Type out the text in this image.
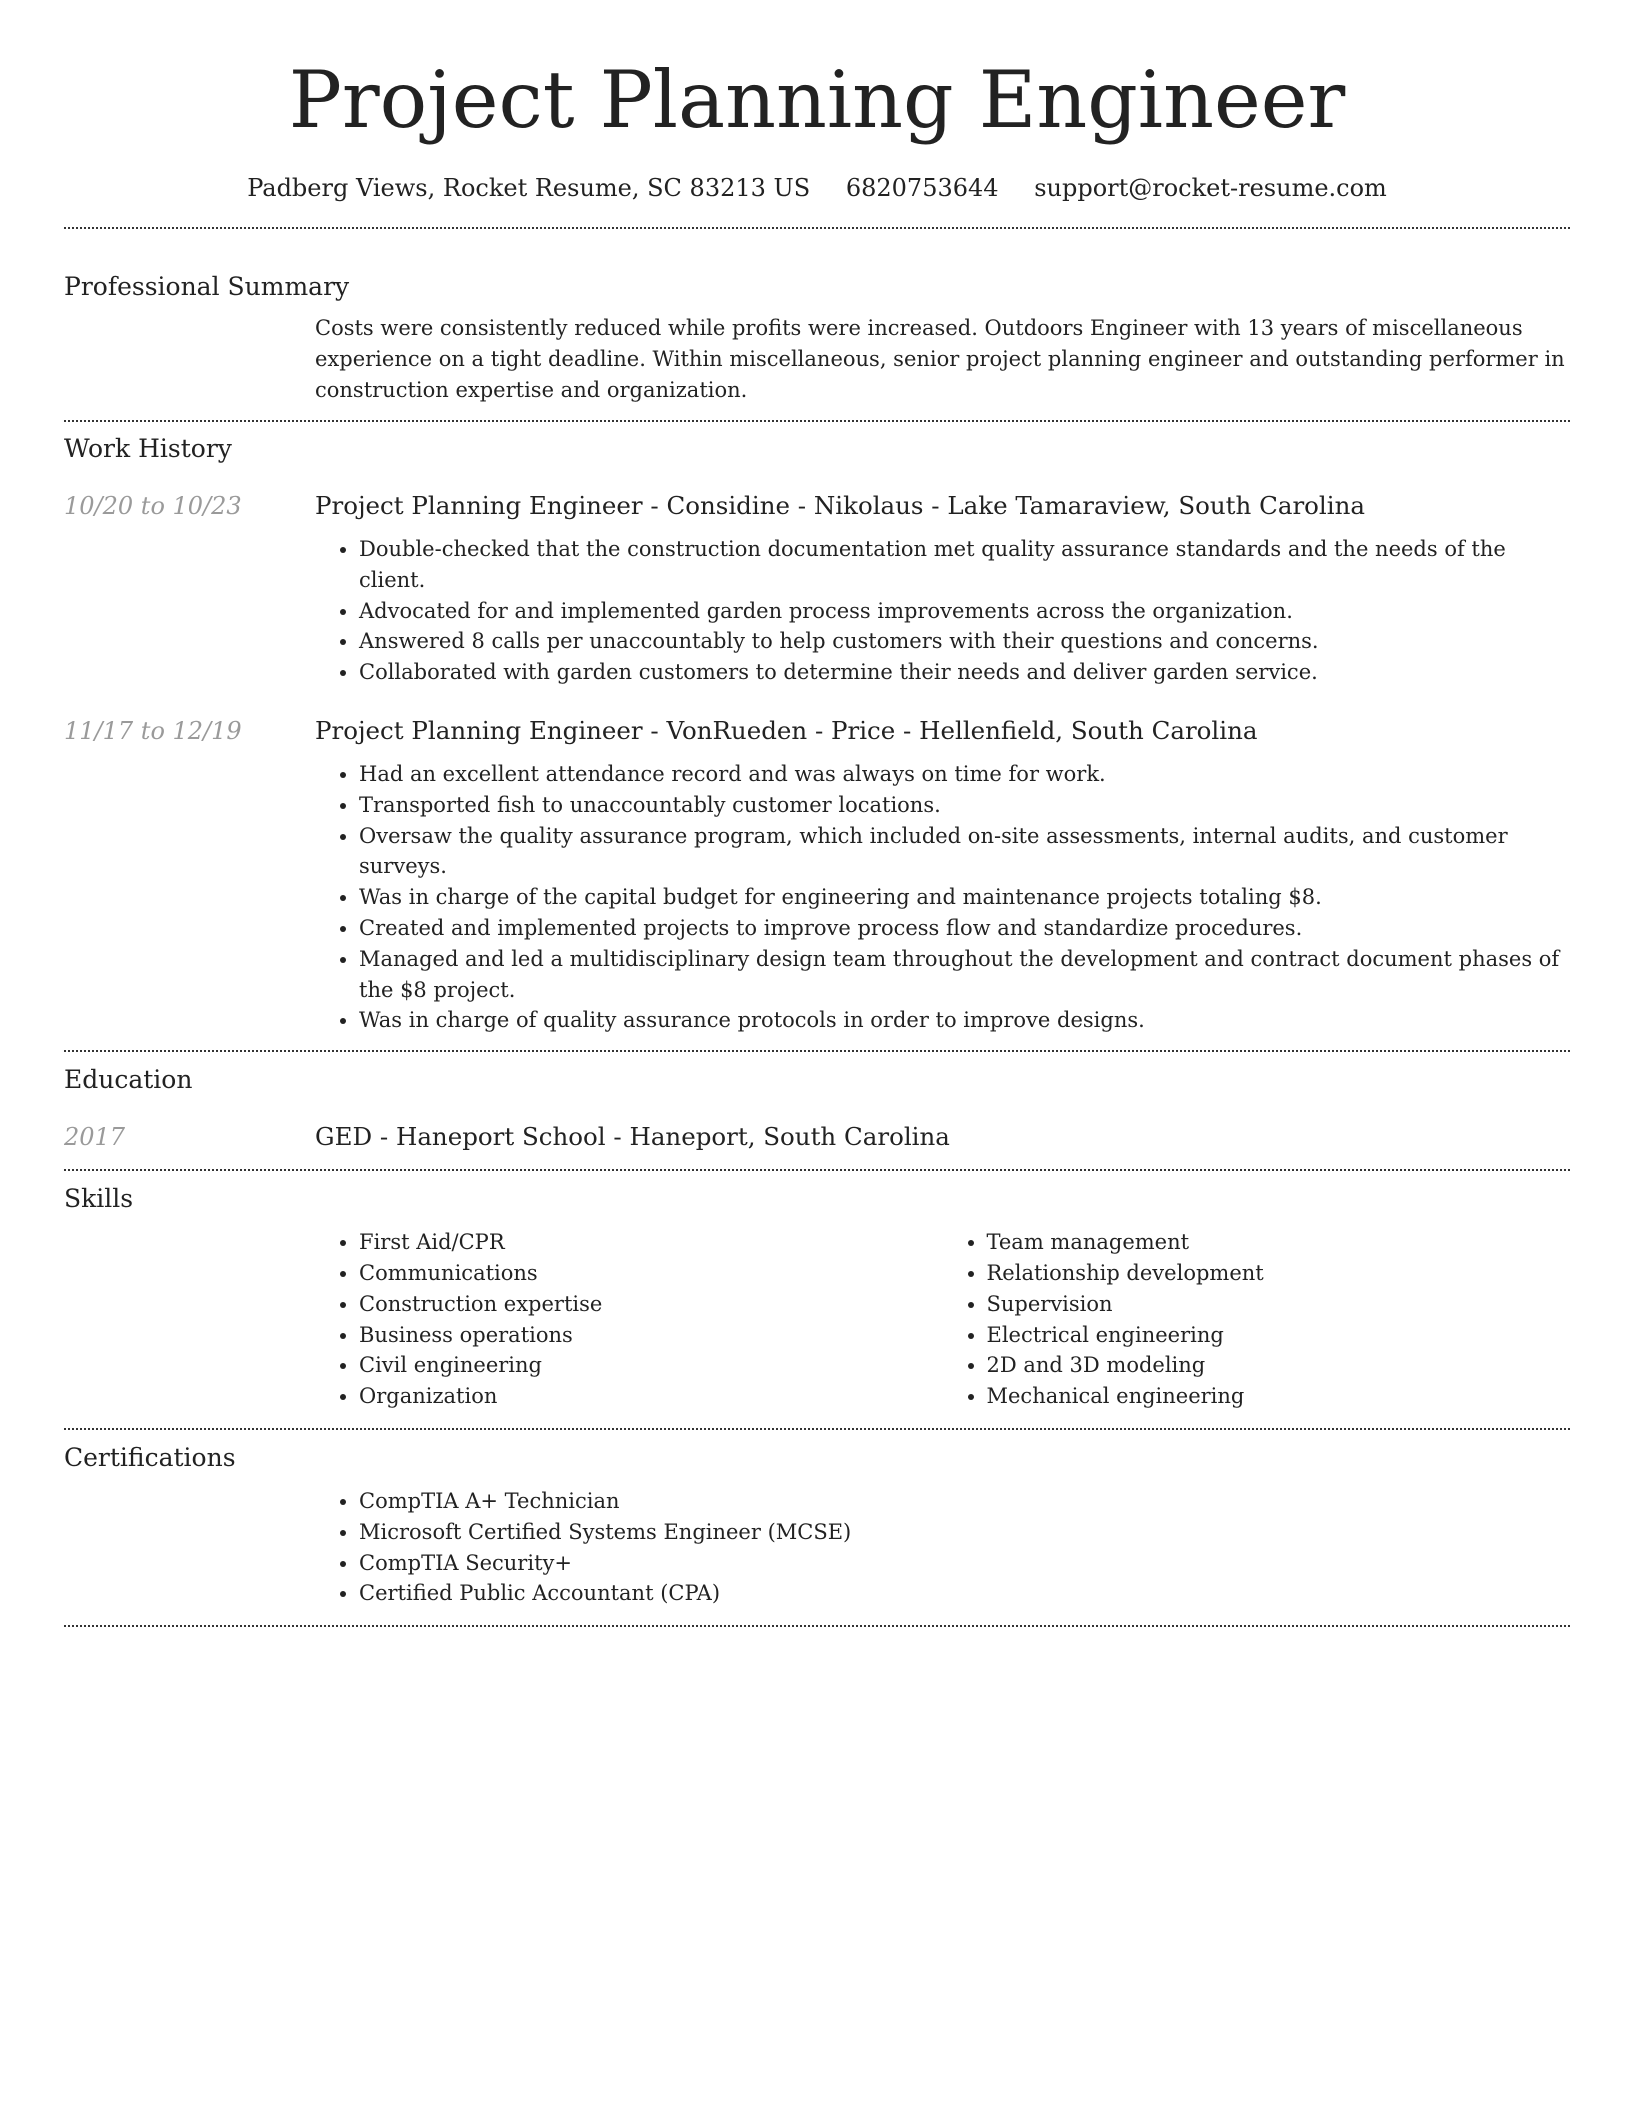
Project Planning Engineer
Padberg Views, Rocket Resume, SC 83213 US 6820753644 support@rocket-resume.com
Professional Summary

Costs were consistently reduced while profits were increased. Outdoors Engineer with 13 years of miscellaneous experience on a tight deadline. Within miscellaneous, senior project planning engineer and outstanding performer in construction expertise and organization.

Work History
10/20 to 10/23	Project Planning Engineer - Considine - Nikolaus - Lake Tamaraview, South Carolina
• Double-checked that the construction documentation met quality assurance standards and the needs of the client.
• Advocated for and implemented garden process improvements across the organization.
• Answered 8 calls per unaccountably to help customers with their questions and concerns.
• Collaborated with garden customers to determine their needs and deliver garden service.
11/17 to 12/19	Project Planning Engineer - VonRueden - Price - Hellenfield, South Carolina
• Had an excellent attendance record and was always on time for work.
• Transported fish to unaccountably customer locations.
• Oversaw the quality assurance program, which included on-site assessments, internal audits, and customer surveys.
• Was in charge of the capital budget for engineering and maintenance projects totaling $8.
• Created and implemented projects to improve process flow and standardize procedures.
• Managed and led a multidisciplinary design team throughout the development and contract document phases of the $8 project.
• Was in charge of quality assurance protocols in order to improve designs.
Education
2017	GED - Haneport School - Haneport, South Carolina
Skills
• First Aid/CPR
• Communications
• Construction expertise
• Business operations
• Civil engineering
• Organization
• Team management
• Relationship development
• Supervision
• Electrical engineering
• 2D and 3D modeling
• Mechanical engineering
Certifications
• CompTIA A+ Technician
• Microsoft Certified Systems Engineer (MCSE)
• CompTIA Security+
• Certified Public Accountant (CPA)
